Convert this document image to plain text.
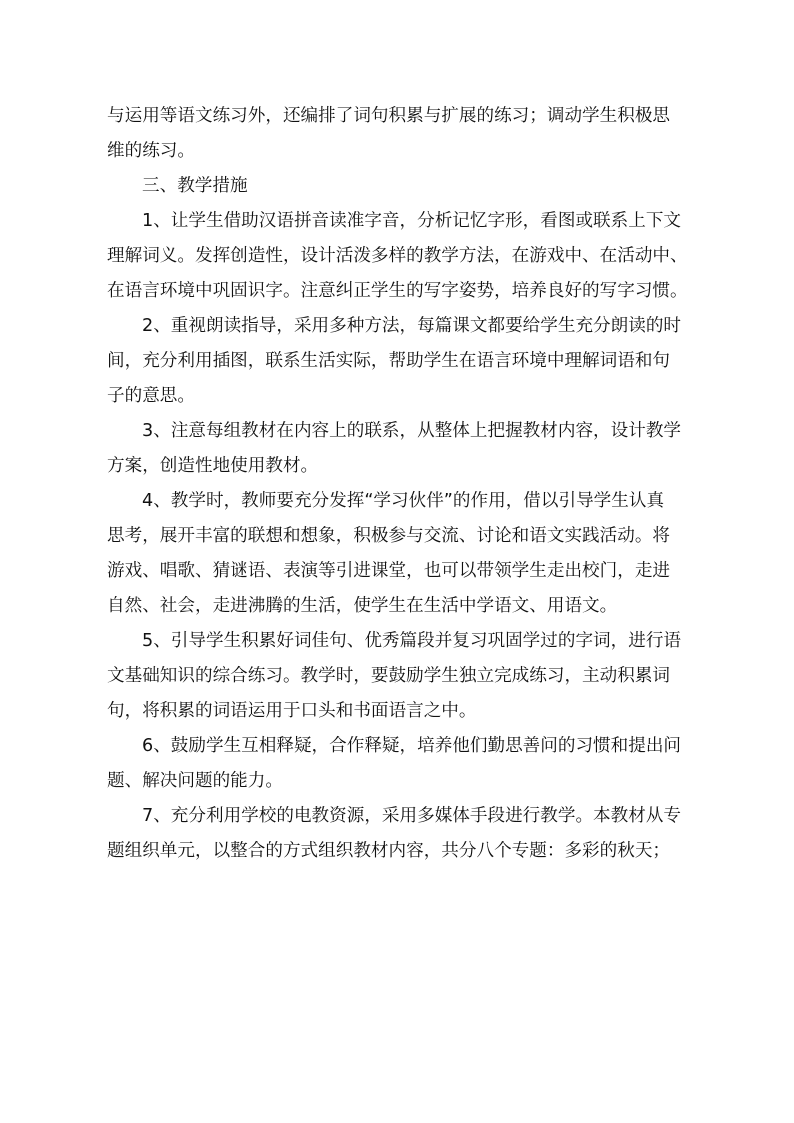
与运用等语文练习外，还编排了词句积累与扩展的练习；调动学生积极思
维的练习。
三、教学措施
1、让学生借助汉语拼音读准字音，分析记忆字形，看图或联系上下文
理解词义。发挥创造性，设计活泼多样的教学方法，在游戏中、在活动中、
在语言环境中巩固识字。注意纠正学生的写字姿势，培养良好的写字习惯。
2、重视朗读指导，采用多种方法，每篇课文都要给学生充分朗读的时
间，充分利用插图，联系生活实际，帮助学生在语言环境中理解词语和句
子的意思。
3、注意每组教材在内容上的联系，从整体上把握教材内容，设计教学
方案，创造性地使用教材。
4、教学时，教师要充分发挥“学习伙伴”的作用，借以引导学生认真
思考，展开丰富的联想和想象，积极参与交流、讨论和语文实践活动。将
游戏、唱歌、猜谜语、表演等引进课堂，也可以带领学生走出校门，走进
自然、社会，走进沸腾的生活，使学生在生活中学语文、用语文。
5、引导学生积累好词佳句、优秀篇段并复习巩固学过的字词，进行语
文基础知识的综合练习。教学时，要鼓励学生独立完成练习，主动积累词
句，将积累的词语运用于口头和书面语言之中。
6、鼓励学生互相释疑，合作释疑，培养他们勤思善问的习惯和提出问
题、解决问题的能力。
7、充分利用学校的电教资源，采用多媒体手段进行教学。本教材从专
题组织单元，以整合的方式组织教材内容，共分八个专题：多彩的秋天；
